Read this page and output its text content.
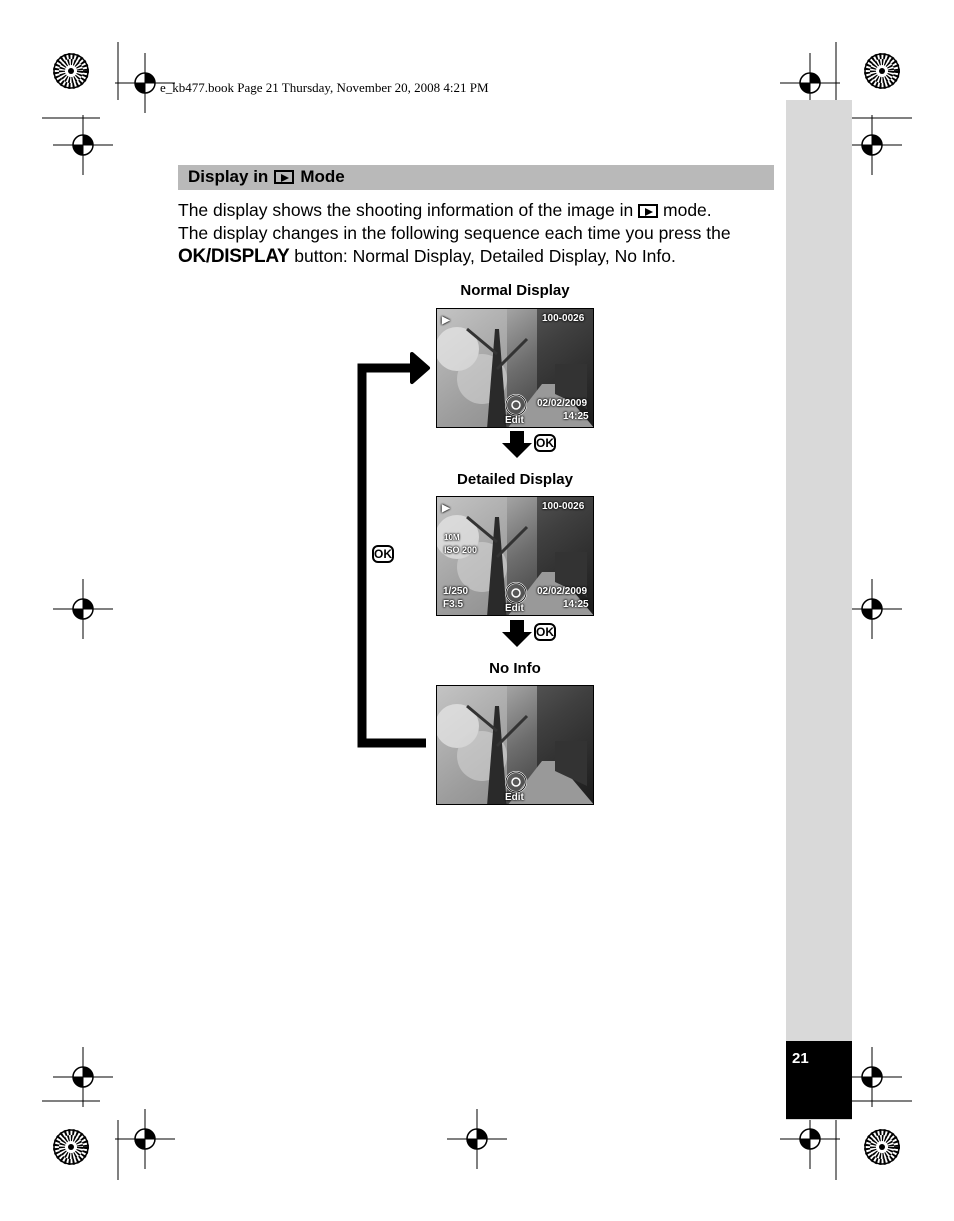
e_kb477.book Page 21 Thursday, November 20, 2008 4:21 PM
21
Display in Mode
The display shows the shooting information of the image in mode.
The display changes in the following sequence each time you press the
OK/DISPLAY button: Normal Display, Detailed Display, No Info.
OK
Normal Display
Detailed Display
No Info
▶	100-0026
02/02/2009
14:25
Edit
OK
▶	100-0026
10M
ISO 200
1/250
F3.5
02/02/2009
14:25
Edit
OK
Edit
